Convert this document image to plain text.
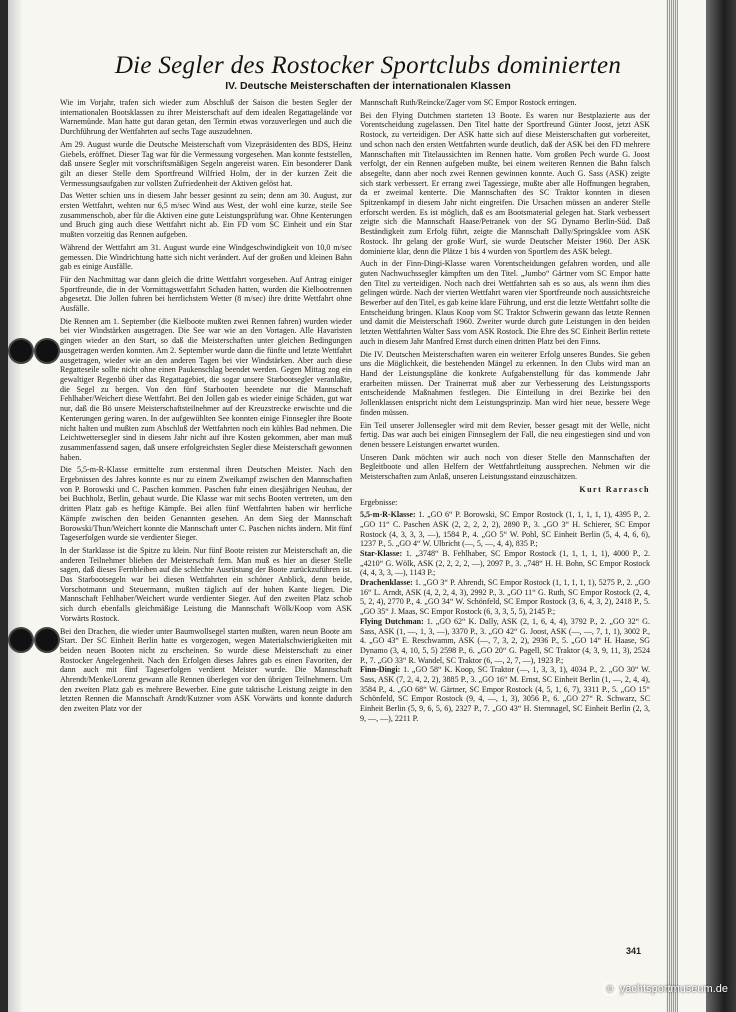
Die Segler des Rostocker Sportclubs dominierten
IV. Deutsche Meisterschaften der internationalen Klassen

Wie im Vorjahr, trafen sich wieder zum Abschluß der Saison die besten Segler der internationalen Bootsklassen zu ihrer Meisterschaft auf dem idealen Regattagelände vor Warnemünde. Man hatte gut daran getan, den Termin etwas vorzuverlegen und auch die Durchführung der Wettfahrten auf sechs Tage auszudehnen.

Am 29. August wurde die Deutsche Meisterschaft vom Vizepräsidenten des BDS, Heinz Giebels, eröffnet. Dieser Tag war für die Vermessung vorgesehen. Man konnte feststellen, daß unsere Segler mit vorschriftsmäßigen Segeln angereist waren. Ein besonderer Dank gilt an dieser Stelle dem Sportfreund Wilfried Holm, der in der kurzen Zeit die Vermessungsaufgaben zur vollsten Zufriedenheit der Aktiven gelöst hat.

Das Wetter schien uns in diesem Jahr besser gesinnt zu sein; denn am 30. August, zur ersten Wettfahrt, wehten nur 6,5 m/sec Wind aus West, der wohl eine kurze, steile See zusammenschob, aber für die Aktiven eine gute Leistungsprüfung war. Ohne Kenterungen und Bruch ging auch diese Wettfahrt nicht ab. Ein FD vom SC Einheit und ein Star mußten vorzeitig das Rennen aufgeben.

Während der Wettfahrt am 31. August wurde eine Windgeschwindigkeit von 10,0 m/sec gemessen. Die Windrichtung hatte sich nicht verändert. Auf der großen und kleinen Bahn gab es einige Ausfälle.

Für den Nachmittag war dann gleich die dritte Wettfahrt vorgesehen. Auf Antrag einiger Sportfreunde, die in der Vormittagswettfahrt Schaden hatten, wurden die Kielbootrennen abgesetzt. Die Jollen fuhren bei herrlichstem Wetter (8 m/sec) ihre dritte Wettfahrt ohne Ausfälle.

Die Rennen am 1. September (die Kielboote mußten zwei Rennen fahren) wurden wieder bei vier Windstärken ausgetragen. Die See war wie an den Vortagen. Alle Havaristen gingen wieder an den Start, so daß die Meisterschaften unter gleichen Bedingungen ausgetragen werden konnten. Am 2. September wurde dann die fünfte und letzte Wettfahrt ausgetragen, wieder wie an den anderen Tagen bei vier Windstärken. Aber auch diese Regatteseile sollte nicht ohne einen Paukenschlag beendet werden. Gegen Mittag zog ein gewaltiger Regenbö über das Regattagebiet, die sogar unsere Starbootsegler veranlaßte, die Segel zu bergen. Von den fünf Starbooten beendete nur die Mannschaft Fehlhaber/Weichert diese Wettfahrt. Bei den Jollen gab es wieder einige Schäden, gut war nur, daß die Bö unsere Meisterschaftsteilnehmer auf der Kreuzstrecke erwischte und die Kenterungen gering waren. In der aufgewühlten See konnten einige Finnsegler ihre Boote nicht halten und mußten zum Abschluß der Wettfahrten noch ein kühles Bad nehmen. Die Leichtwettersegler sind in diesem Jahr nicht auf ihre Kosten gekommen, aber man muß zusammenfassend sagen, daß unsere erfolgreichsten Segler diese Meisterschaft gewonnen haben.

Die 5,5-m-R-Klasse ermittelte zum erstenmal ihren Deutschen Meister. Nach den Ergebnissen des Jahres konnte es nur zu einem Zweikampf zwischen den Mannschaften von P. Borowski und C. Paschen kommen. Paschen fuhr einen diesjährigen Neubau, der bei Buchholz, Berlin, gebaut wurde. Die Klasse war mit sechs Booten vertreten, um den dritten Platz gab es heftige Kämpfe. Bei allen fünf Wettfahrten haben wir herrliche Kämpfe zwischen den beiden Genannten gesehen. An dem Sieg der Mannschaft Borowski/Thun/Weichert konnte die Mannschaft unter C. Paschen nichts ändern. Mit fünf Tageserfolgen wurde sie verdienter Sieger.

In der Starklasse ist die Spitze zu klein. Nur fünf Boote reisten zur Meisterschaft an, die anderen Teilnehmer blieben der Meisterschaft fern. Man muß es hier an dieser Stelle sagen, daß dieses Fernbleiben auf die schlechte Ausrüstung der Boote zurückzuführen ist. Das Starbootsegeln war bei diesen Wettfahrten ein schöner Anblick, denn beide, Vorschotmann und Steuermann, mußten täglich auf der hohen Kante liegen. Die Mannschaft Fehlhaber/Weichert wurde verdienter Sieger. Auf den zweiten Platz schob sich durch ebenfalls gleichmäßige Leistung die Mannschaft Wölk/Koop vom ASK Vorwärts Rostock.

Bei den Drachen, die wieder unter Baumwollsegel starten mußten, waren neun Boote am Start. Der SC Einheit Berlin hatte es vorgezogen, wegen Materialschwierigkeiten mit beiden neuen Booten nicht zu erscheinen. So wurde diese Meisterschaft zu einer Rostocker Angelegenheit. Nach den Erfolgen dieses Jahres gab es einen Favoriten, der dann auch mit fünf Tageserfolgen verdient Meister wurde. Die Mannschaft Ahrendt/Menke/Lorenz gewann alle Rennen überlegen vor den übrigen Teilnehmern. Um den zweiten Platz gab es mehrere Bewerber. Eine gute taktische Leistung zeigte in den letzten Rennen die Mannschaft Arndt/Kutzner vom ASK Vorwärts und konnte dadurch den zweiten Platz vor der

Mannschaft Ruth/Reincke/Zager vom SC Empor Rostock erringen.

Bei den Flying Dutchmen starteten 13 Boote. Es waren nur Bestplazierte aus der Vorentscheidung zugelassen. Den Titel hatte der Sportfreund Günter Joost, jetzt ASK Rostock, zu verteidigen. Der ASK hatte sich auf diese Meisterschaften gut vorbereitet, und schon nach den ersten Wettfahrten wurde deutlich, daß der ASK bei den FD mehrere Mannschaften mit Titelaussichten im Rennen hatte. Vom großen Pech wurde G. Joost verfolgt, der ein Rennen aufgeben mußte, bei einem weiteren Rennen die Bahn falsch absegelte, dann aber noch zwei Rennen gewinnen konnte. Auch G. Sass (ASK) zeigte sich stark verbessert. Er errang zwei Tagessiege, mußte aber alle Hoffnungen begraben, da er zweimal kenterte. Die Mannschaften des SC Traktor konnten in diesen Spitzenkampf in diesem Jahr nicht eingreifen. Die Ursachen müssen an anderer Stelle erforscht werden. Es ist möglich, daß es am Bootsmaterial gelegen hat. Stark verbessert zeigte sich die Mannschaft Haase/Petranek von der SG Dynamo Berlin-Süd. Daß Beständigkeit zum Erfolg führt, zeigte die Mannschaft Dally/Springsklee vom ASK Rostock. Ihr gelang der große Wurf, sie wurde Deutscher Meister 1960. Der ASK dominierte klar, denn die Plätze 1 bis 4 wurden von Sportlern des ASK belegt.

Auch in der Finn-Dingi-Klasse waren Vorentscheidungen gefahren worden, und alle guten Nachwuchssegler kämpften um den Titel. „Jumbo“ Gärtner vom SC Empor hatte den Titel zu verteidigen. Noch nach drei Wettfahrten sah es so aus, als wenn ihm dies gelingen würde. Nach der vierten Wettfahrt waren vier Sportfreunde noch aussichtsreiche Bewerber auf den Titel, es gab keine klare Führung, und erst die letzte Wettfahrt sollte die Entscheidung bringen. Klaus Koop vom SC Traktor Schwerin gewann das letzte Rennen und damit die Meisterschaft 1960. Zweiter wurde durch gute Leistungen in den beiden letzten Wettfahrten Walter Sass vom ASK Rostock. Die Ehre des SC Einheit Berlin rettete auch in diesem Jahr Manfred Ernst durch einen dritten Platz bei den Finns.

Die IV. Deutschen Meisterschaften waren ein weiterer Erfolg unseres Bundes. Sie geben uns die Möglichkeit, die bestehenden Mängel zu erkennen. In den Clubs wird man an Hand der Leistungspläne die konkrete Aufgabenstellung für das kommende Jahr erarbeiten müssen. Der Trainerrat muß aber zur Verbesserung des Leistungssports entscheidende Maßnahmen festlegen. Die Einteilung in drei Bezirke bei den Jollenklassen entspricht nicht dem Leistungsprinzip. Man wird hier neue, bessere Wege finden müssen.

Ein Teil unserer Jollensegler wird mit dem Revier, besser gesagt mit der Welle, nicht fertig. Das war auch bei einigen Finnseglern der Fall, die neu eingestiegen sind und von denen bessere Leistungen erwartet wurden.

Unseren Dank möchten wir auch noch von dieser Stelle den Mannschaften der Begleitboote und allen Helfern der Wettfahrtleitung aussprechen. Nehmen wir die Meisterschaften zum Anlaß, unseren Leistungsstand einzuschätzen.

Kurt Rarrasch
Ergebnisse:
5,5-m-R-Klasse: 1. „GO 6“ P. Borowski, SC Empor Rostock (1, 1, 1, 1, 1), 4395 P., 2. „GO 11“ C. Paschen ASK (2, 2, 2, 2, 2), 2890 P., 3. „GO 3“ H. Schierer, SC Empor Rostock (4, 3, 3, 3, —), 1584 P., 4. „GO 5“ W. Pohl, SC Einheit Berlin (5, 4, 4, 6, 6), 1237 P., 5. „GO 4“ W. Ulbricht (—, 5, —, 4, 4), 835 P.;
Star-Klasse: 1. „3748“ B. Fehlhaber, SC Empor Rostock (1, 1, 1, 1, 1), 4000 P., 2. „4210“ G. Wölk, ASK (2, 2, 2, 2, —), 2097 P., 3. „748“ H. H. Bohn, SC Empor Rostock (4, 4, 3, 3, —), 1143 P.;
Drachenklasse: 1. „GO 3“ P. Ahrendt, SC Empor Rostock (1, 1, 1, 1, 1), 5275 P., 2. „GO 16“ L. Arndt, ASK (4, 2, 2, 4, 3), 2992 P., 3. „GO 11“ G. Ruth, SC Empor Rostock (2, 4, 5, 2, 4), 2770 P., 4. „GO 34“ W. Schönfeld, SC Empor Rostock (3, 6, 4, 3, 2), 2418 P., 5. „GO 35“ J. Maas, SC Empor Rostock (6, 3, 3, 5, 5), 2145 P.;
Flying Dutchman: 1. „GO 62“ K. Dally, ASK (2, 1, 6, 4, 4), 3792 P., 2. „GO 32“ G. Sass, ASK (1, —, 1, 3, —), 3370 P., 3. „GO 42“ G. Joost, ASK (—, —, 7, 1, 1), 3002 P., 4. „GO 43“ E. Reschwamm, ASK (—, 7, 3, 2, 2), 2936 P., 5. „GO 14“ H. Haase, SG Dynamo (3, 4, 10, 5, 5) 2598 P., 6. „GO 20“ G. Pagell, SC Traktor (4, 3, 9, 11, 3), 2524 P., 7. „GO 33“ R. Wandel, SC Traktor (6, —, 2, 7, —), 1923 P.;
Finn-Dingi: 1. „GO 58“ K. Koop, SC Traktor (—, 1, 3, 3, 1), 4034 P., 2. „GO 30“ W. Sass, ASK (7, 2, 4, 2, 2), 3885 P., 3. „GO 16“ M. Ernst, SC Einheit Berlin (1, —, 2, 4, 4), 3584 P., 4. „GO 68“ W. Gärtner, SC Empor Rostock (4, 5, 1, 6, 7), 3311 P., 5. „GO 15“ Schönfeld, SC Empor Rostock (9, 4, —, 1, 3), 3056 P., 6. „GO 27“ R. Schwarz, SC Einheit Berlin (5, 9, 6, 5, 6), 2327 P., 7. „GO 43“ H. Sternnagel, SC Einheit Berlin (2, 3, 9, —, —), 2211 P.
341
© yachtsportmuseum.de
